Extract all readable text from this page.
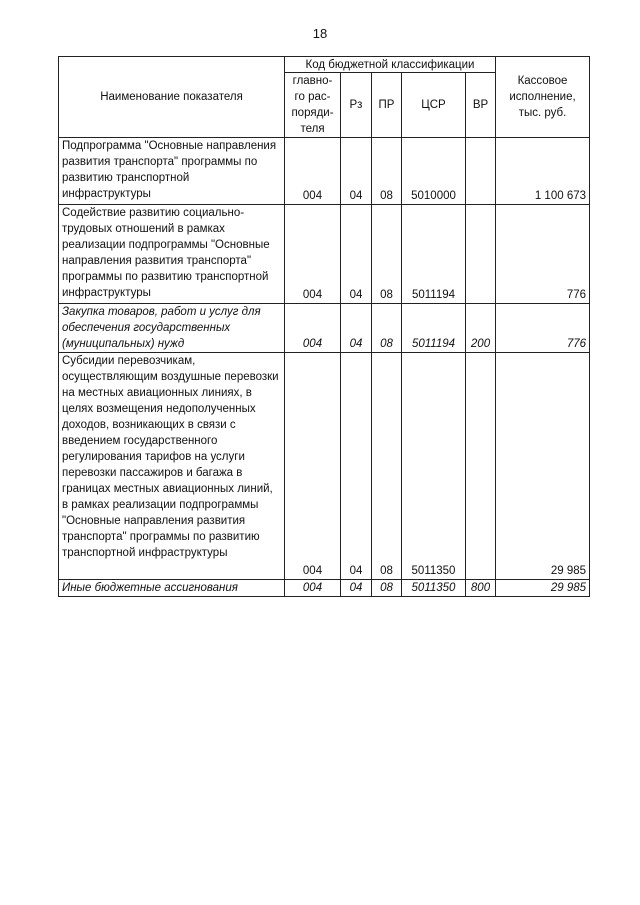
18
Наименование показателя	Код бюджетной классификации					Кассовое исполнение, тыс. руб.
	главно-го рас-поряди-теля	Рз	ПР	ЦСР	ВР	
Подпрограмма "Основные направления развития транспорта" программы по развитию транспортной инфраструктуры	004	04	08	5010000		1 100 673
Содействие развитию социально-трудовых отношений в рамках реализации подпрограммы "Основные направления развития транспорта" программы по развитию транспортной инфраструктуры	004	04	08	5011194		776
Закупка товаров, работ и услуг для обеспечения государственных (муниципальных) нужд	004	04	08	5011194	200	776
Субсидии перевозчикам, осуществляющим воздушные перевозки на местных авиационных линиях, в целях возмещения недополученных доходов, возникающих в связи с введением государственного регулирования тарифов на услуги перевозки пассажиров и багажа в границах местных авиационных линий, в рамках реализации подпрограммы "Основные направления развития транспорта" программы по развитию транспортной инфраструктуры	004	04	08	5011350		29 985
Иные бюджетные ассигнования	004	04	08	5011350	800	29 985
